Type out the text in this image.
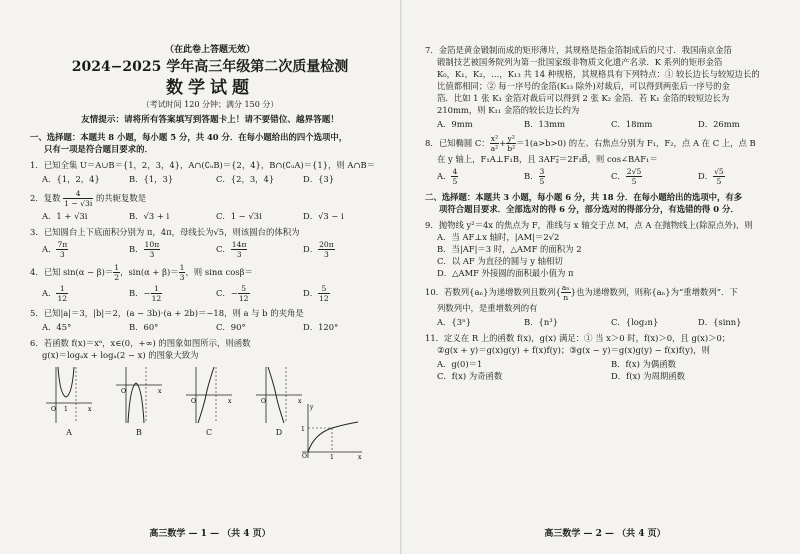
（在此卷上答题无效）
2024−2025 学年高三年级第二次质量检测
数学试题
（考试时间 120 分钟；满分 150 分）
友情提示：请将所有答案填写到答题卡上！请不要错位、越界答题！
一、选择题：本题共 8 小题，每小题 5 分，共 40 分．在每小题给出的四个选项中，
只有一项是符合题目要求的．
1．已知全集 U＝A∪B＝{1，2，3，4}，A∩(∁ᵤB)＝{2，4}，B∩(∁ᵤA)＝{1}，则 A∩B＝
A．{1，2，4}	B．{1，3}	C．{2，3，4}	D．{3}
2．复数 $\frac{4}{1 - √3i}$ 的共轭复数是
A．1 + √3i	B．√3 + i	C．1 − √3i	D．√3 − i
3．已知圆台上下底面积分别为 π，4π，母线长为√5，则该圆台的体积为
A． $\frac{7\pi}{3}$	B． $\frac{10\pi}{3}$	C． $\frac{14\pi}{3}$	D． $\frac{20\pi}{3}$
4．已知 $\sin(\alpha - \beta)= \frac{1}{2}$ ，$\sin(\alpha + \beta)= \frac{1}{3}$ ，则 sinα cosβ＝
A． $\frac{1}{12}$	B．− $\frac{1}{12}$	C．− $\frac{5}{12}$	D． $\frac{5}{12}$
5．已知|a|＝3，|b|＝2，(a − 3b)·(a + 2b)＝−18，则 a 与 b 的夹角是
A．45°	B．60°	C．90°	D．120°
6．若函数 f(x)＝xᵃ，x∈(0，+∞) 的图象如图所示，则函数
g(x)＝logₐx + logₐ(2 − x) 的图象大致为
O 1	x
A
O	x
B
O	x
C
O	x
D
O	1
1
x
y
高三数学 — 1 — （共 4 页）
7．金箔是黄金锻制而成的矩形薄片，其规格是指金箔制成后的尺寸．我国南京金箔
锻制技艺被国务院列为第一批国家级非物质文化遗产名录．K 系列的矩形金箔
K₀，K₁，K₂，…，K₁₃ 共 14 种规格，其规格具有下列特点：① 较长边长与较短边长的
比值都相同；② 每一序号的金箔(K₁₃ 除外)对裁后，可以得到两张后一序号的金
箔．比如 1 张 K₁ 金箔对裁后可以得到 2 张 K₂ 金箔．若 K₁ 金箔的较短边长为
210mm，则 K₁₁ 金箔的较长边长约为
A．9mm	B．13mm	C．18mm	D．26mm
8．已知椭圆 C： $\frac{\text{x²}}{\text{a²}} + \frac{\text{y²}}{\text{b²}} =1(a>b>0)$ 的左、右焦点分别为 F₁，F₂，点 A 在 C 上，点 B
在 y 轴上，F₁A⊥F₁B，且 3AF₂⃗＝2F₂B⃗，则 cos∠BAF₁＝
A． $\frac{4}{5}$	B． $\frac{3}{5}$	C． $\frac{2√5}{5}$	D． $\frac{√5}{5}$
二、选择题：本题共 3 小题，每小题 6 分，共 18 分．在每小题给出的选项中，有多
项符合题目要求．全部选对的得 6 分，部分选对的得部分分，有选错的得 0 分．
9．抛物线 y²＝4x 的焦点为 F，准线与 x 轴交于点 M，点 A 在抛物线上(除原点外)，则
A．当 AF⊥x 轴时，|AM|＝2√2
B．当|AF|＝3 时，△AMF 的面积为 2
C．以 AF 为直径的圆与 y 轴相切
D．△AMF 外接圆的面积最小值为 π
10．若数列{aₙ}为递增数列且数列{ $\frac{\text{aₙ}}{n}$ }也为递增数列，则称{aₙ}为“重增数列”．下
列数列中，是重增数列的有
A．{3ⁿ}	B．{n³}	C．{log₂n}	D．{sinn}
11．定义在 R 上的函数 f(x)，g(x) 满足：① 当 x＞0 时，f(x)＞0，且 g(x)＞0；
②g(x + y)＝g(x)g(y) + f(x)f(y)；③g(x − y)＝g(x)g(y) − f(x)f(y)，则
A．g(0)＝1	B．f(x) 为偶函数
C．f(x) 为奇函数	D．f(x) 为周期函数
高三数学 — 2 — （共 4 页）
